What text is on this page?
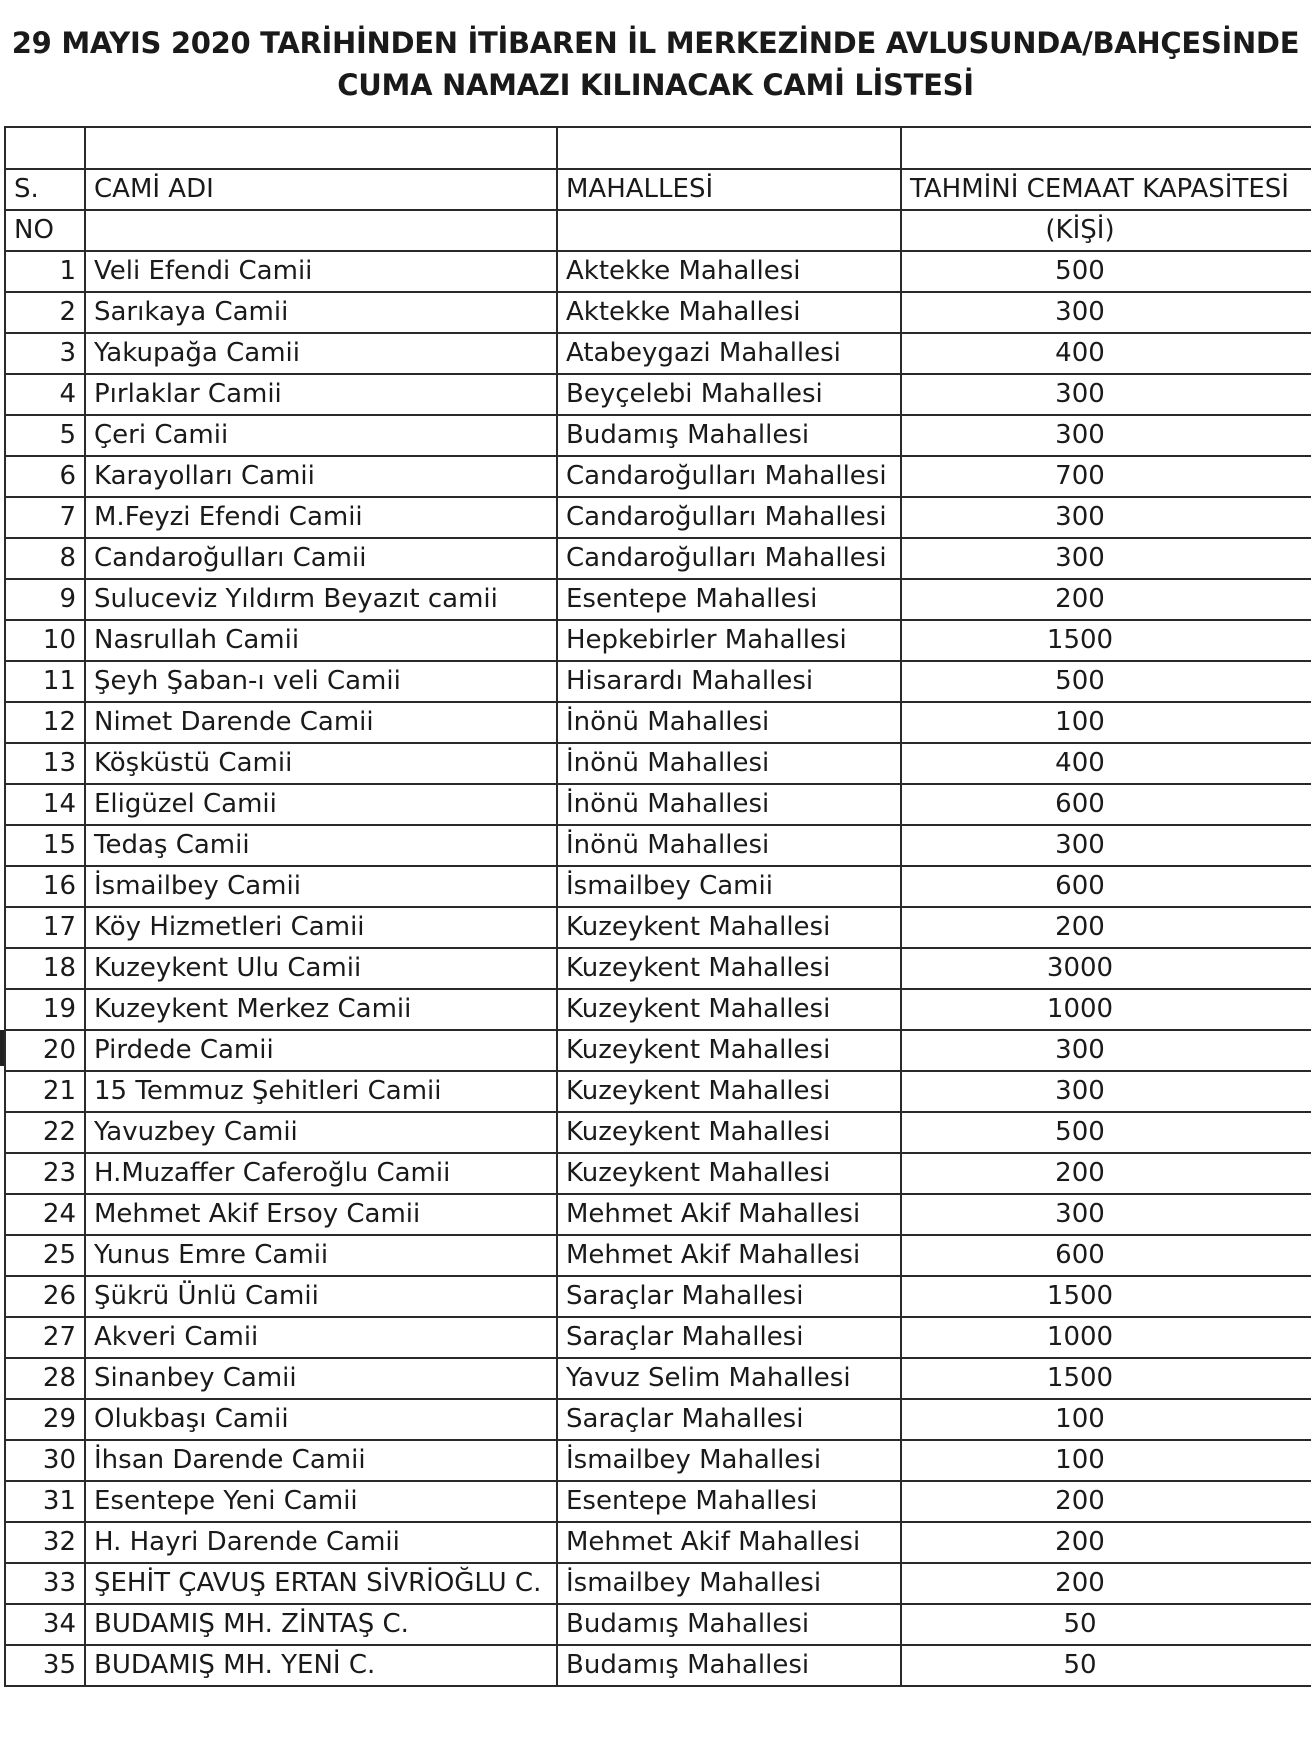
29 MAYIS 2020 TARİHİNDEN İTİBAREN İL MERKEZİNDE AVLUSUNDA/BAHÇESİNDE
CUMA NAMAZI KILINACAK CAMİ LİSTESİ

S.	CAMİ ADI	MAHALLESİ	TAHMİNİ CEMAAT KAPASİTESİ
NO			(KİŞİ)
1	Veli Efendi Camii	Aktekke Mahallesi	500
2	Sarıkaya Camii	Aktekke Mahallesi	300
3	Yakupağa Camii	Atabeygazi Mahallesi	400
4	Pırlaklar Camii	Beyçelebi Mahallesi	300
5	Çeri Camii	Budamış Mahallesi	300
6	Karayolları Camii	Candaroğulları Mahallesi	700
7	M.Feyzi Efendi Camii	Candaroğulları Mahallesi	300
8	Candaroğulları Camii	Candaroğulları Mahallesi	300
9	Suluceviz Yıldırm Beyazıt camii	Esentepe Mahallesi	200
10	Nasrullah Camii	Hepkebirler Mahallesi	1500
11	Şeyh Şaban-ı veli Camii	Hisarardı Mahallesi	500
12	Nimet Darende Camii	İnönü Mahallesi	100
13	Köşküstü Camii	İnönü Mahallesi	400
14	Eligüzel Camii	İnönü Mahallesi	600
15	Tedaş Camii	İnönü Mahallesi	300
16	İsmailbey Camii	İsmailbey Camii	600
17	Köy Hizmetleri Camii	Kuzeykent Mahallesi	200
18	Kuzeykent Ulu Camii	Kuzeykent Mahallesi	3000
19	Kuzeykent Merkez Camii	Kuzeykent Mahallesi	1000
20	Pirdede Camii	Kuzeykent Mahallesi	300
21	15 Temmuz Şehitleri Camii	Kuzeykent Mahallesi	300
22	Yavuzbey Camii	Kuzeykent Mahallesi	500
23	H.Muzaffer Caferoğlu Camii	Kuzeykent Mahallesi	200
24	Mehmet Akif Ersoy Camii	Mehmet Akif Mahallesi	300
25	Yunus Emre Camii	Mehmet Akif Mahallesi	600
26	Şükrü Ünlü Camii	Saraçlar Mahallesi	1500
27	Akveri Camii	Saraçlar Mahallesi	1000
28	Sinanbey Camii	Yavuz Selim Mahallesi	1500
29	Olukbaşı Camii	Saraçlar Mahallesi	100
30	İhsan Darende Camii	İsmailbey Mahallesi	100
31	Esentepe Yeni Camii	Esentepe Mahallesi	200
32	H. Hayri Darende Camii	Mehmet Akif Mahallesi	200
33	ŞEHİT ÇAVUŞ ERTAN SİVRİOĞLU C.	İsmailbey Mahallesi	200
34	BUDAMIŞ MH. ZİNTAŞ C.	Budamış Mahallesi	50
35	BUDAMIŞ MH. YENİ C.	Budamış Mahallesi	50
